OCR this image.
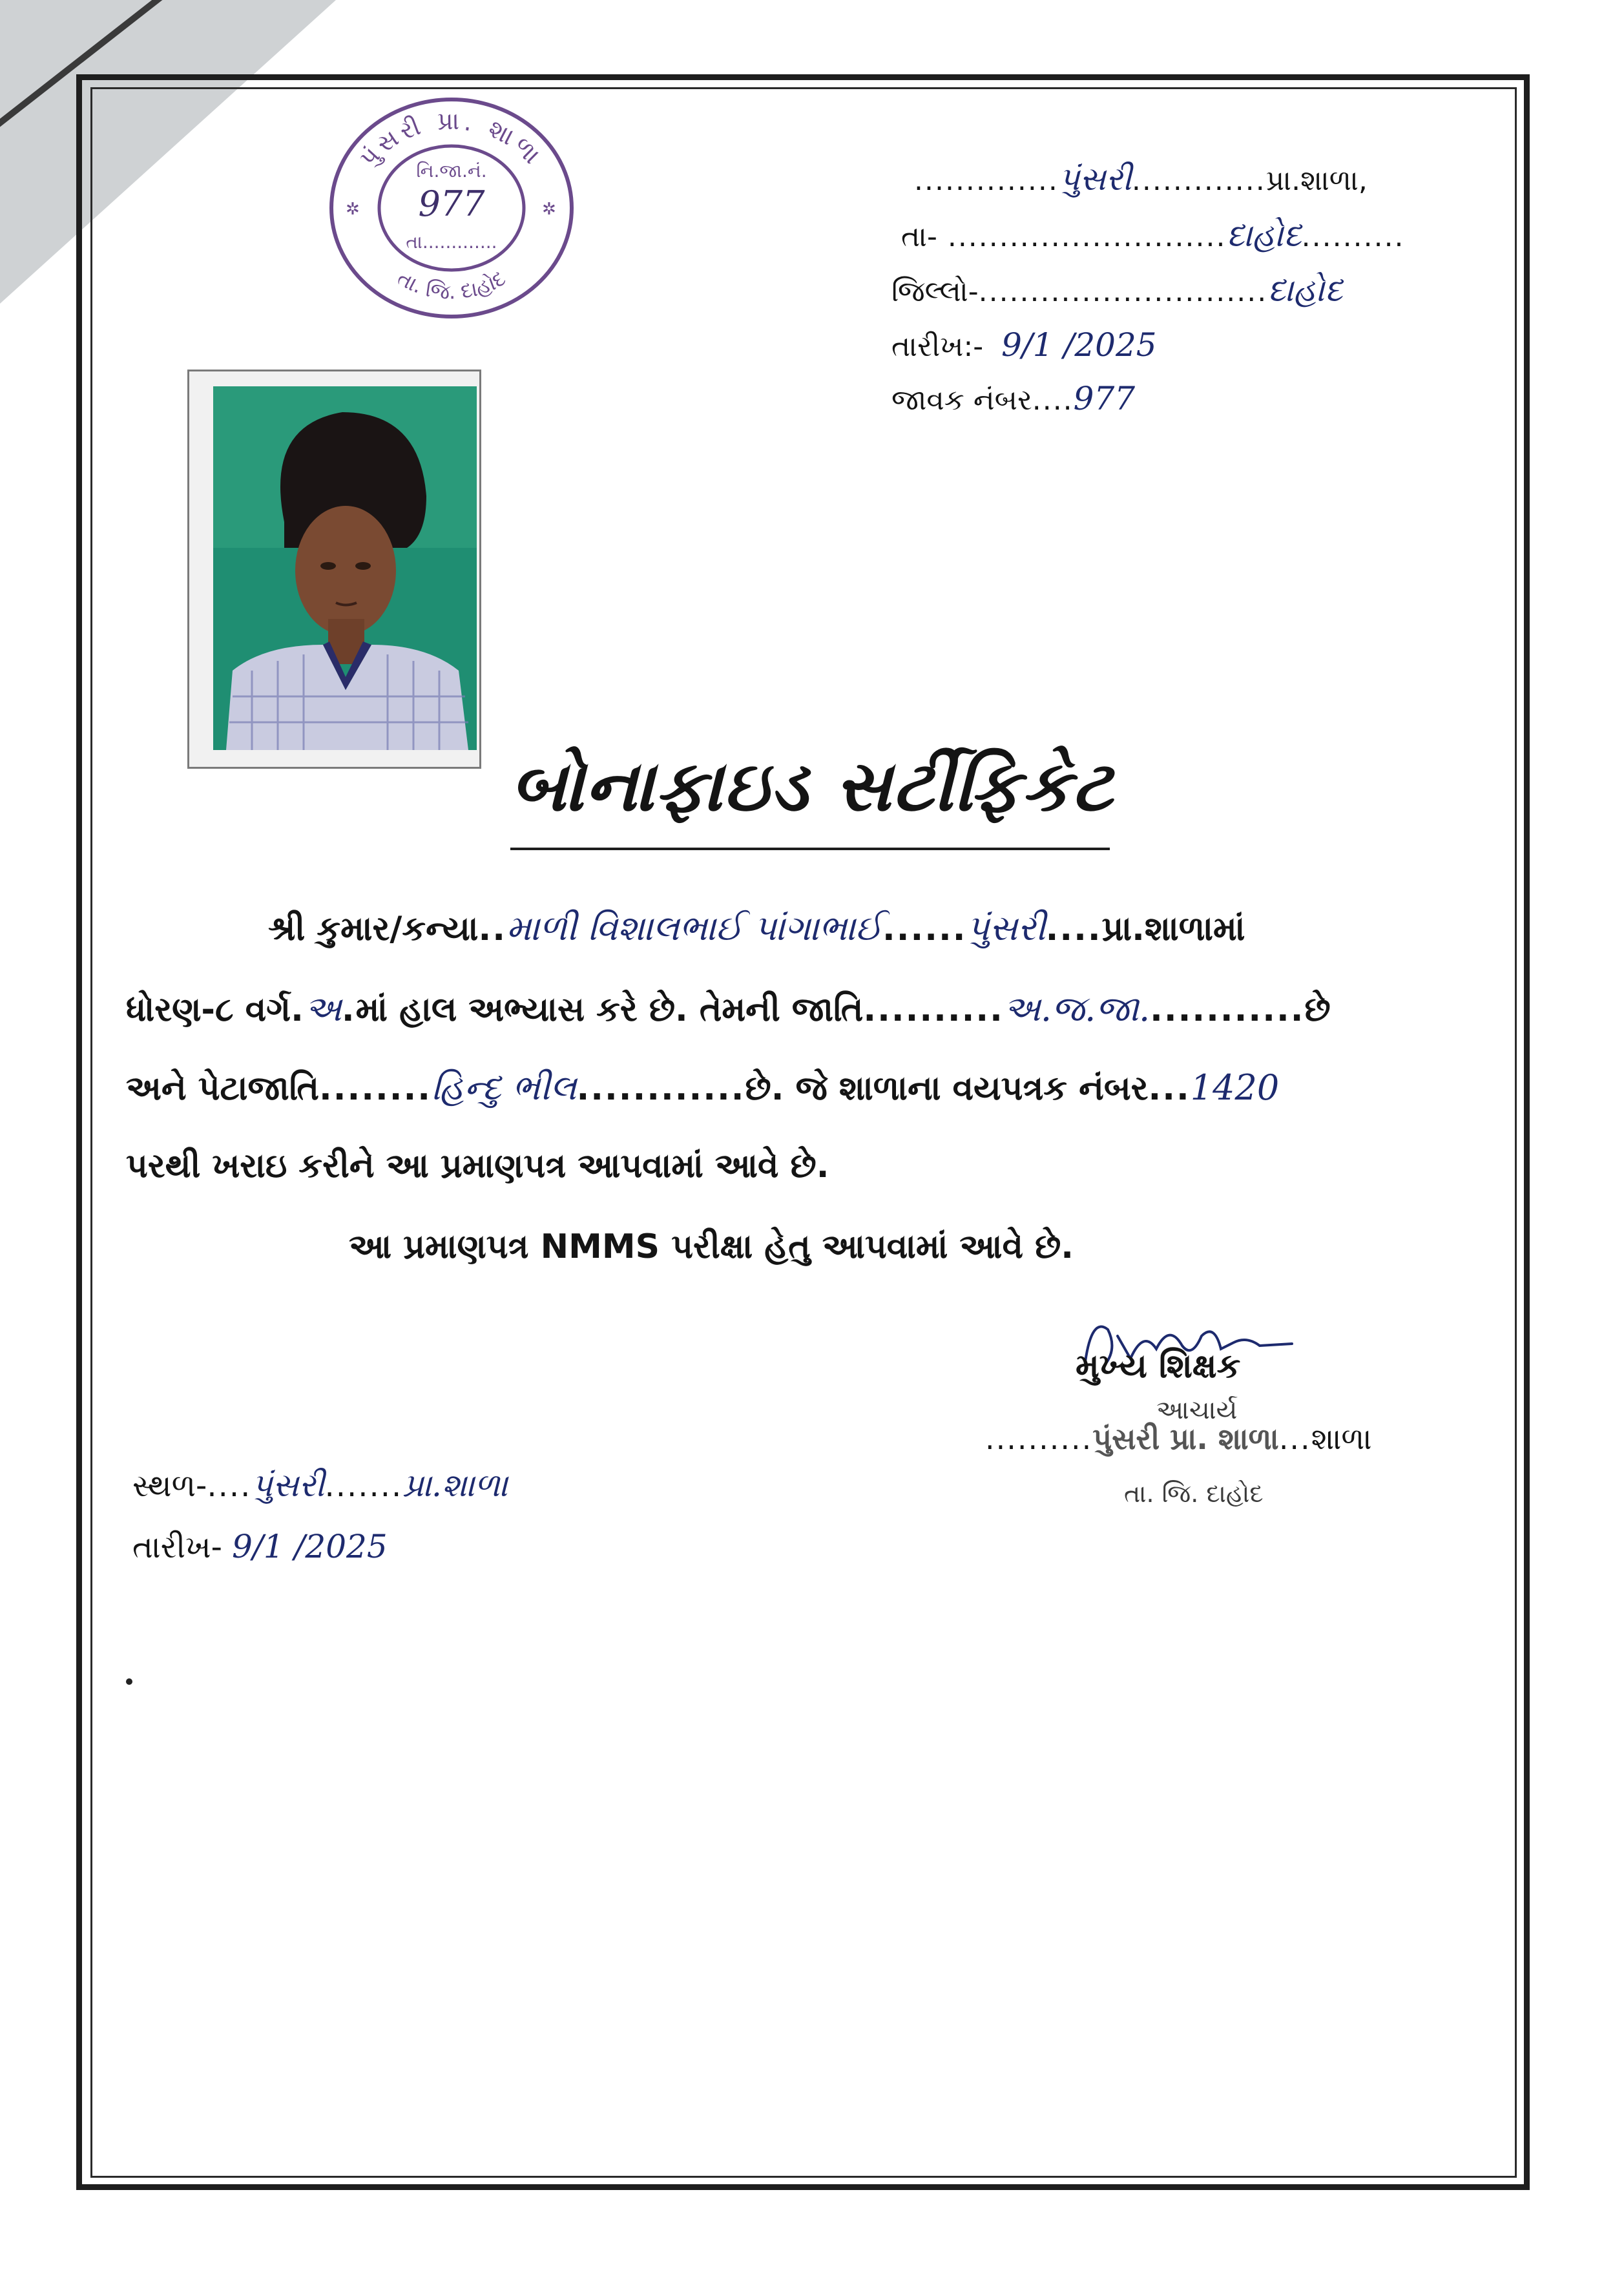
પુંસરી પ્રા. શાળા
તા. જિ. દાહોદ
નિ.જા.નં.
977
તા.............
✲	✲
..............પુંસરી.............પ્રા.શાળા,
તા- ...........................દાહોદ..........
જિલ્લો-............................દાહોદ
તારીખ:- 9/1 /2025
જાવક નંબર....977
બોનાફાઇડ સર્ટીફિકેટ
શ્રી કુમાર/કન્યા..માળી વિશાલભાઈ પાંગાભાઈ......પુંસરી....પ્રા.શાળામાં
ધોરણ-૮ વર્ગ.અ.માં હાલ અભ્યાસ કરે છે. તેમની જાતિ..........અ.જ.જા............છે
અને પેટાજાતિ........હિન્દુ ભીલ............છે. જે શાળાના વયપત્રક નંબર...1420
પરથી ખરાઇ કરીને આ પ્રમાણપત્ર આપવામાં આવે છે.
આ પ્રમાણપત્ર NMMS પરીક્ષા હેતુ આપવામાં આવે છે.
મુખ્ય શિક્ષક
આચાર્ય
..........પુંસરી પ્રા. શાળા...શાળા
તા. જિ. દાહોદ
સ્થળ-....પુંસરી.......પ્રા.શાળા
તારીખ- 9/1 /2025
